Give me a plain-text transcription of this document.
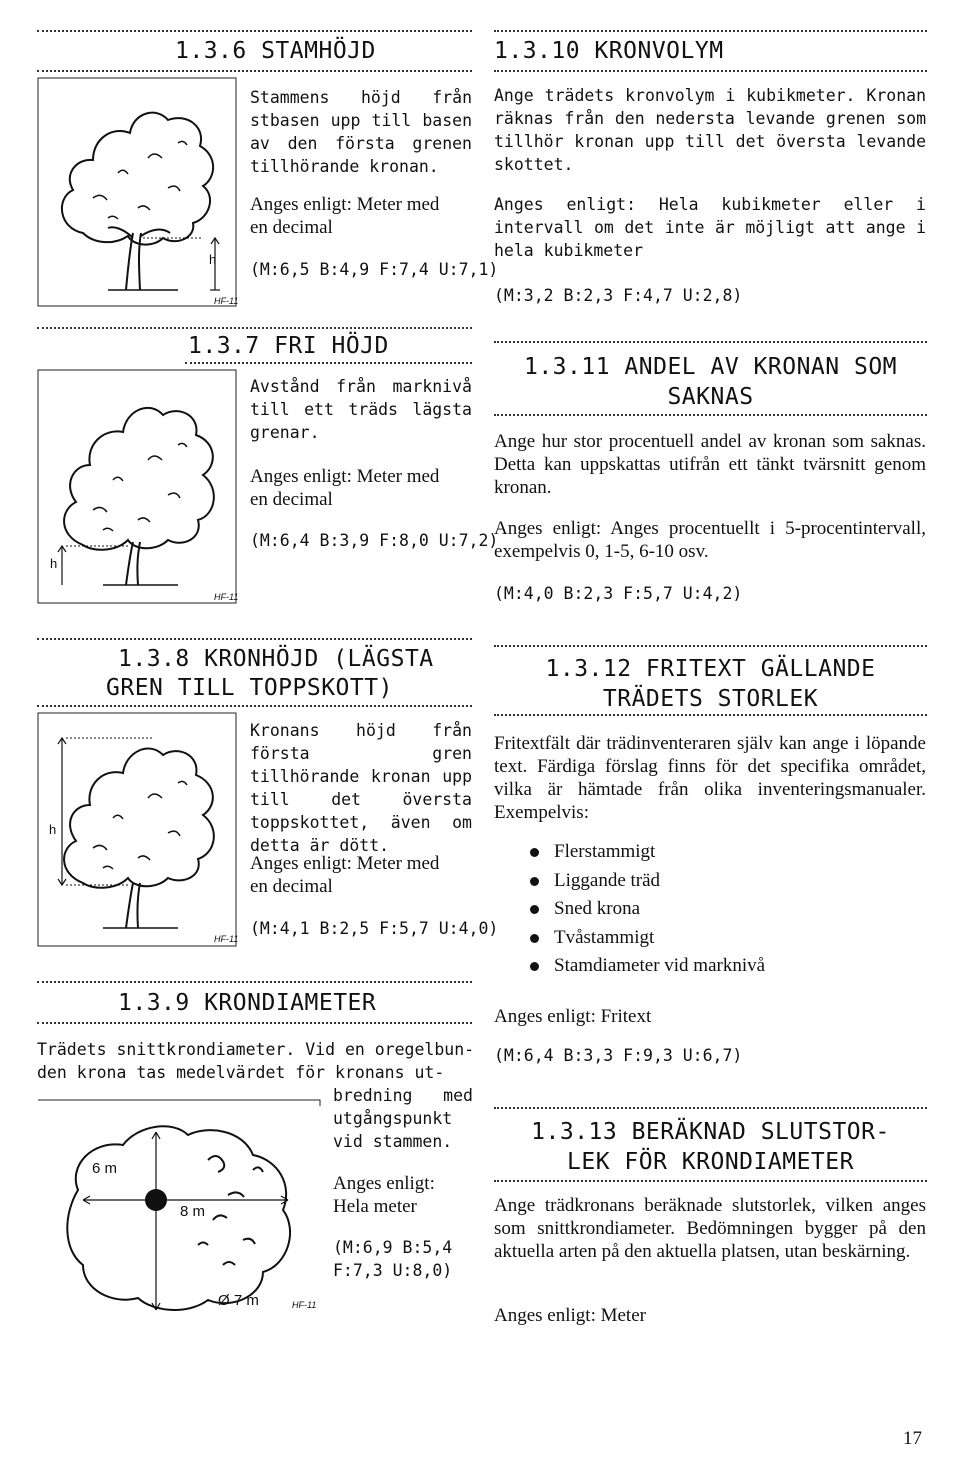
1.3.6 STAMHÖJD
h
HF-11
Stammens höjd från stbasen upp till basen av den första grenen tillhörande kronan.
Anges enligt: Meter med en decimal
(M:6,5 B:4,9 F:7,4 U:7,1)
1.3.7 FRI HÖJD
h
HF-11
Avstånd från marknivå till ett träds lägsta grenar.
Anges enligt: Meter med en decimal
(M:6,4 B:3,9 F:8,0 U:7,2)
1.3.8 KRONHÖJD (LÄGSTA
GREN TILL TOPPSKOTT)
h
HF-11
Kronans höjd från första gren tillhörande kronan upp till det översta toppskottet, även om detta är dött.
Anges enligt: Meter med en decimal
(M:4,1 B:2,5 F:5,7 U:4,0)
1.3.9 KRONDIAMETER
Trädets snittkrondiameter. Vid en oregelbun-
den krona tas medelvärdet för kronans ut-
bredning med utgångspunkt vid stammen.
6 m
8 m
Ø 7 m	HF-11
Anges enligt: Hela meter
(M:6,9 B:5,4 F:7,3 U:8,0)
1.3.10 KRONVOLYM
Ange trädets kronvolym i kubikmeter. Kronan räknas från den nedersta levande grenen som tillhör kronan upp till det översta levande skottet.
Anges enligt: Hela kubikmeter eller i intervall om det inte är möjligt att ange i hela kubikmeter
(M:3,2 B:2,3 F:4,7 U:2,8)
1.3.11 ANDEL AV KRONAN SOM
SAKNAS
Ange hur stor procentuell andel av kronan som saknas. Detta kan uppskattas utifrån ett tänkt tvärsnitt genom kronan.
Anges enligt: Anges procentuellt i 5-procentintervall, exempelvis 0, 1-5, 6-10 osv.
(M:4,0 B:2,3 F:5,7 U:4,2)
1.3.12 FRITEXT GÄLLANDE
TRÄDETS STORLEK
Fritextfält där trädinventeraren själv kan ange i löpande text. Färdiga förslag finns för det specifika området, vilka är hämtade från olika inventeringsmanualer. Exempelvis:
Flerstammigt
Liggande träd
Sned krona
Tvåstammigt
Stamdiameter vid marknivå
Anges enligt: Fritext
(M:6,4 B:3,3 F:9,3 U:6,7)
1.3.13 BERÄKNAD SLUTSTOR-
LEK FÖR KRONDIAMETER
Ange trädkronans beräknade slutstorlek, vilken anges som snittkrondiameter. Bedömningen bygger på den aktuella arten på den aktuella platsen, utan beskärning.
Anges enligt: Meter
17
